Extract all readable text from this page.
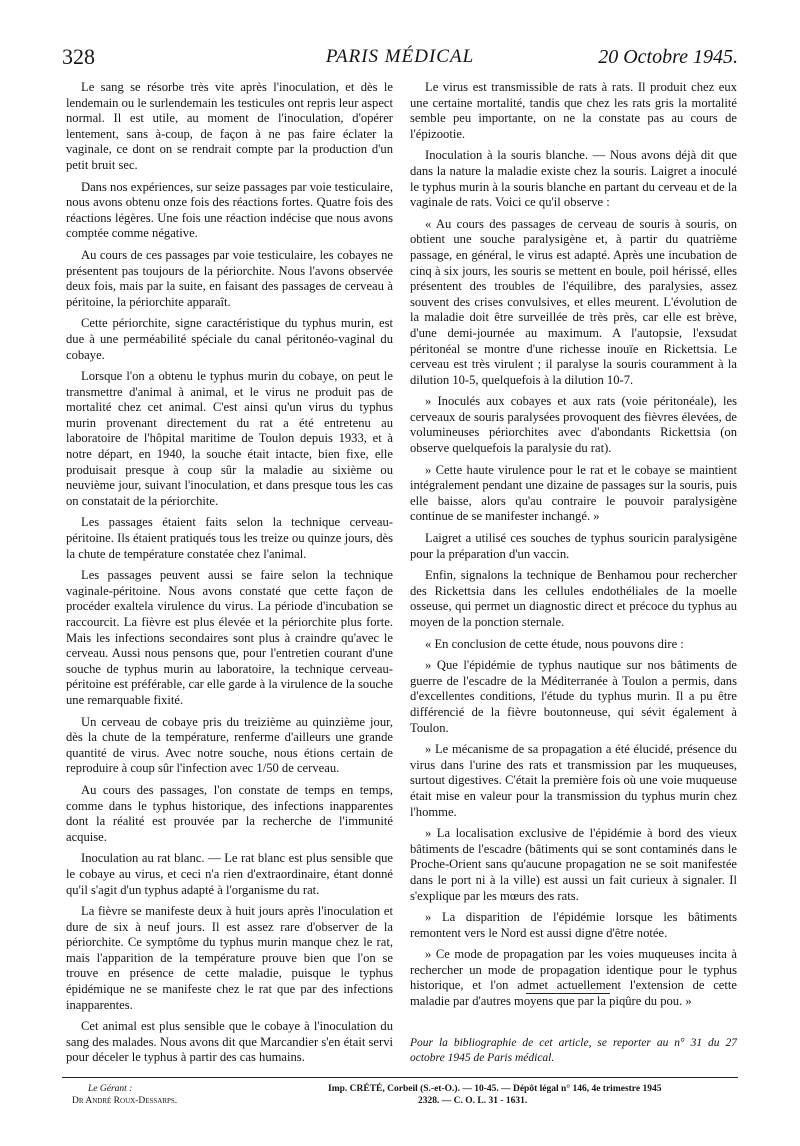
328	PARIS MÉDICAL	20 Octobre 1945.

Le sang se résorbe très vite après l'inoculation, et dès le lendemain ou le surlendemain les testicules ont repris leur aspect normal. Il est utile, au moment de l'inoculation, d'opérer lentement, sans à-coup, de façon à ne pas faire éclater la vaginale, ce dont on se rendrait compte par la production d'un petit bruit sec.

Dans nos expériences, sur seize passages par voie testiculaire, nous avons obtenu onze fois des réactions fortes. Quatre fois des réactions légères. Une fois une réaction indécise que nous avons comptée comme négative.

Au cours de ces passages par voie testiculaire, les cobayes ne présentent pas toujours de la périorchite. Nous l'avons observée deux fois, mais par la suite, en faisant des passages de cerveau à péritoine, la périorchite apparaît.

Cette périorchite, signe caractéristique du typhus murin, est due à une perméabilité spéciale du canal péritonéo-vaginal du cobaye.

Lorsque l'on a obtenu le typhus murin du cobaye, on peut le transmettre d'animal à animal, et le virus ne produit pas de mortalité chez cet animal. C'est ainsi qu'un virus du typhus murin provenant directement du rat a été entretenu au laboratoire de l'hôpital maritime de Toulon depuis 1933, et à notre départ, en 1940, la souche était intacte, bien fixe, elle produisait presque à coup sûr la maladie au sixième ou neuvième jour, suivant l'inoculation, et dans presque tous les cas on constatait de la périorchite.

Les passages étaient faits selon la technique cerveau-péritoine. Ils étaient pratiqués tous les treize ou quinze jours, dès la chute de température constatée chez l'animal.

Les passages peuvent aussi se faire selon la technique vaginale-péritoine. Nous avons constaté que cette façon de procéder exaltela virulence du virus. La période d'incubation se raccourcit. La fièvre est plus élevée et la périorchite plus forte. Mais les infections secondaires sont plus à craindre qu'avec le cerveau. Aussi nous pensons que, pour l'entretien courant d'une souche de typhus murin au laboratoire, la technique cerveau-péritoine est préférable, car elle garde à la virulence de la souche une remarquable fixité.

Un cerveau de cobaye pris du treizième au quinzième jour, dès la chute de la température, renferme d'ailleurs une grande quantité de virus. Avec notre souche, nous étions certain de reproduire à coup sûr l'infection avec 1/50 de cerveau.

Au cours des passages, l'on constate de temps en temps, comme dans le typhus historique, des infections inapparentes dont la réalité est prouvée par la recherche de l'immunité acquise.

Inoculation au rat blanc. — Le rat blanc est plus sensible que le cobaye au virus, et ceci n'a rien d'extraordinaire, étant donné qu'il s'agit d'un typhus adapté à l'organisme du rat.

La fièvre se manifeste deux à huit jours après l'inoculation et dure de six à neuf jours. Il est assez rare d'observer de la périorchite. Ce symptôme du typhus murin manque chez le rat, mais l'apparition de la température prouve bien que l'on se trouve en présence de cette maladie, puisque le typhus épidémique ne se manifeste chez le rat que par des infections inapparentes.

Cet animal est plus sensible que le cobaye à l'inoculation du sang des malades. Nous avons dit que Marcandier s'en était servi pour déceler le typhus à partir des cas humains.

Le virus est transmissible de rats à rats. Il produit chez eux une certaine mortalité, tandis que chez les rats gris la mortalité semble peu importante, on ne la constate pas au cours de l'épizootie.

Inoculation à la souris blanche. — Nous avons déjà dit que dans la nature la maladie existe chez la souris. Laigret a inoculé le typhus murin à la souris blanche en partant du cerveau et de la vaginale de rats. Voici ce qu'il observe :

« Au cours des passages de cerveau de souris à souris, on obtient une souche paralysigène et, à partir du quatrième passage, en général, le virus est adapté. Après une incubation de cinq à six jours, les souris se mettent en boule, poil hérissé, elles présentent des troubles de l'équilibre, des paralysies, assez souvent des crises convulsives, et elles meurent. L'évolution de la maladie doit être surveillée de très près, car elle est brève, d'une demi-journée au maximum. A l'autopsie, l'exsudat péritonéal se montre d'une richesse inouïe en Rickettsia. Le cerveau est très virulent ; il paralyse la souris couramment à la dilution 10-5, quelquefois à la dilution 10-7.

» Inoculés aux cobayes et aux rats (voie péritonéale), les cerveaux de souris paralysées provoquent des fièvres élevées, de volumineuses périorchites avec d'abondants Rickettsia (on observe quelquefois la paralysie du rat).

» Cette haute virulence pour le rat et le cobaye se maintient intégralement pendant une dizaine de passages sur la souris, puis elle baisse, alors qu'au contraire le pouvoir paralysigène continue de se manifester inchangé. »

Laigret a utilisé ces souches de typhus souricin paralysigène pour la préparation d'un vaccin.

Enfin, signalons la technique de Benhamou pour rechercher des Rickettsia dans les cellules endothéliales de la moelle osseuse, qui permet un diagnostic direct et précoce du typhus au moyen de la ponction sternale.

« En conclusion de cette étude, nous pouvons dire :

» Que l'épidémie de typhus nautique sur nos bâtiments de guerre de l'escadre de la Méditerranée à Toulon a permis, dans d'excellentes conditions, l'étude du typhus murin. Il a pu être différencié de la fièvre boutonneuse, qui sévit également à Toulon.

» Le mécanisme de sa propagation a été élucidé, présence du virus dans l'urine des rats et transmission par les muqueuses, surtout digestives. C'était la première fois où une voie muqueuse était mise en valeur pour la transmission du typhus murin chez l'homme.

» La localisation exclusive de l'épidémie à bord des vieux bâtiments de l'escadre (bâtiments qui se sont contaminés dans le Proche-Orient sans qu'aucune propagation ne se soit manifestée dans le port ni à la ville) est aussi un fait curieux à signaler. Il s'explique par les mœurs des rats.

» La disparition de l'épidémie lorsque les bâtiments remontent vers le Nord est aussi digne d'être notée.

» Ce mode de propagation par les voies muqueuses incita à rechercher un mode de propagation identique pour le typhus historique, et l'on admet actuellement l'extension de cette maladie par d'autres moyens que par la piqûre du pou. »

Pour la bibliographie de cet article, se reporter au n° 31 du 27 octobre 1945 de Paris médical.
Le Gérant :
Dr André Roux-Dessarps.
Imp. CRÉTÉ, Corbeil (S.-et-O.). — 10-45. — Dépôt légal n° 146, 4e trimestre 1945
2328. — C. O. L. 31 - 1631.
